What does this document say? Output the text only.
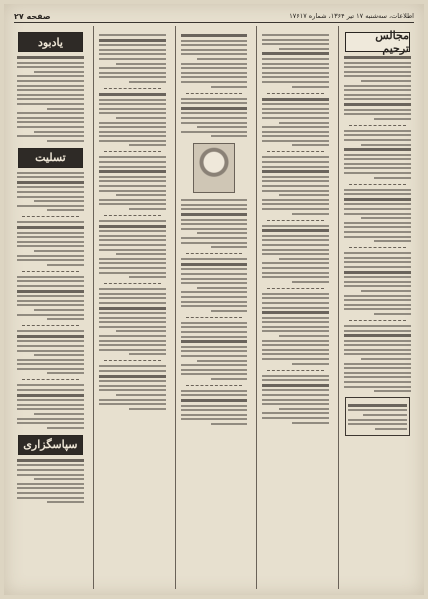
اطلاعات، سه‌شنبه ۱۷ تیر ۱۳۶۴، شماره ۱۷۶۱۷
صفحه ۲۷
مجالس ترحیم
یادبود
تسلیت
سپاسگزاری
